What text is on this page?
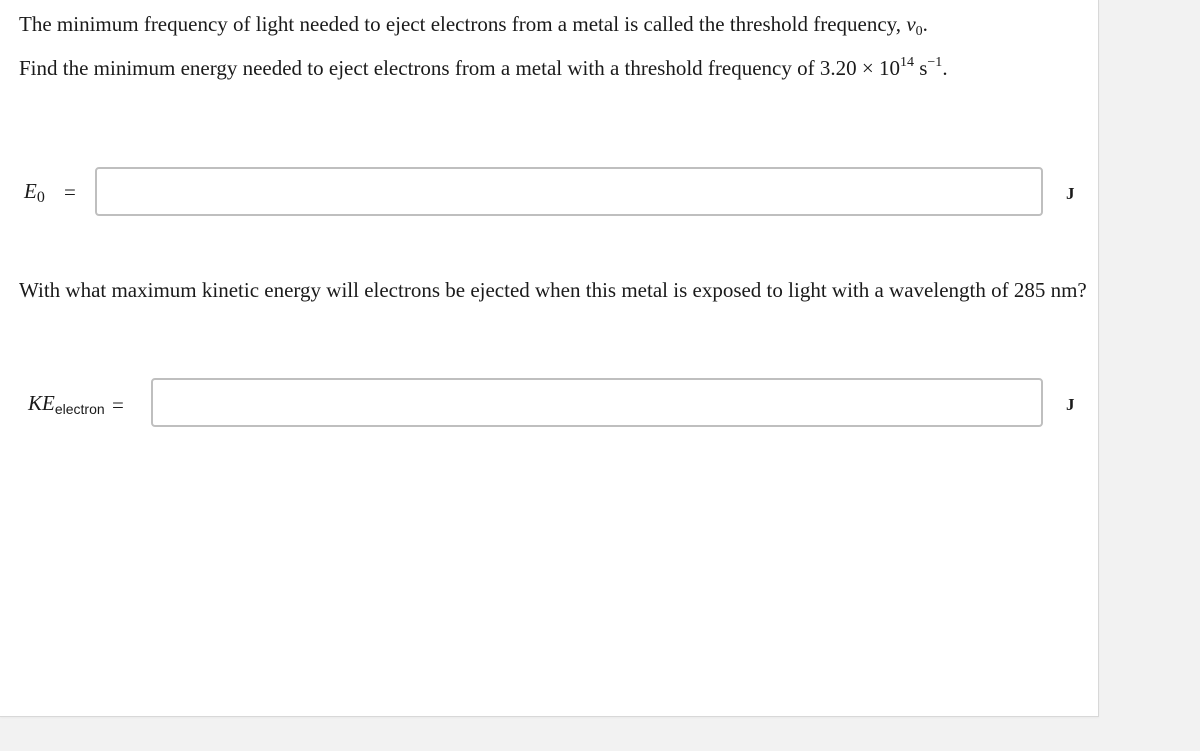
The minimum frequency of light needed to eject electrons from a metal is called the threshold frequency, ν0.
Find the minimum energy needed to eject electrons from a metal with a threshold frequency of $3.20 \times 10^{14}$ $s^{-1}$.
E0 =	J
With what maximum kinetic energy will electrons be ejected when this metal is exposed to light with a wavelength of 285 nm?
KEelectron =	J
